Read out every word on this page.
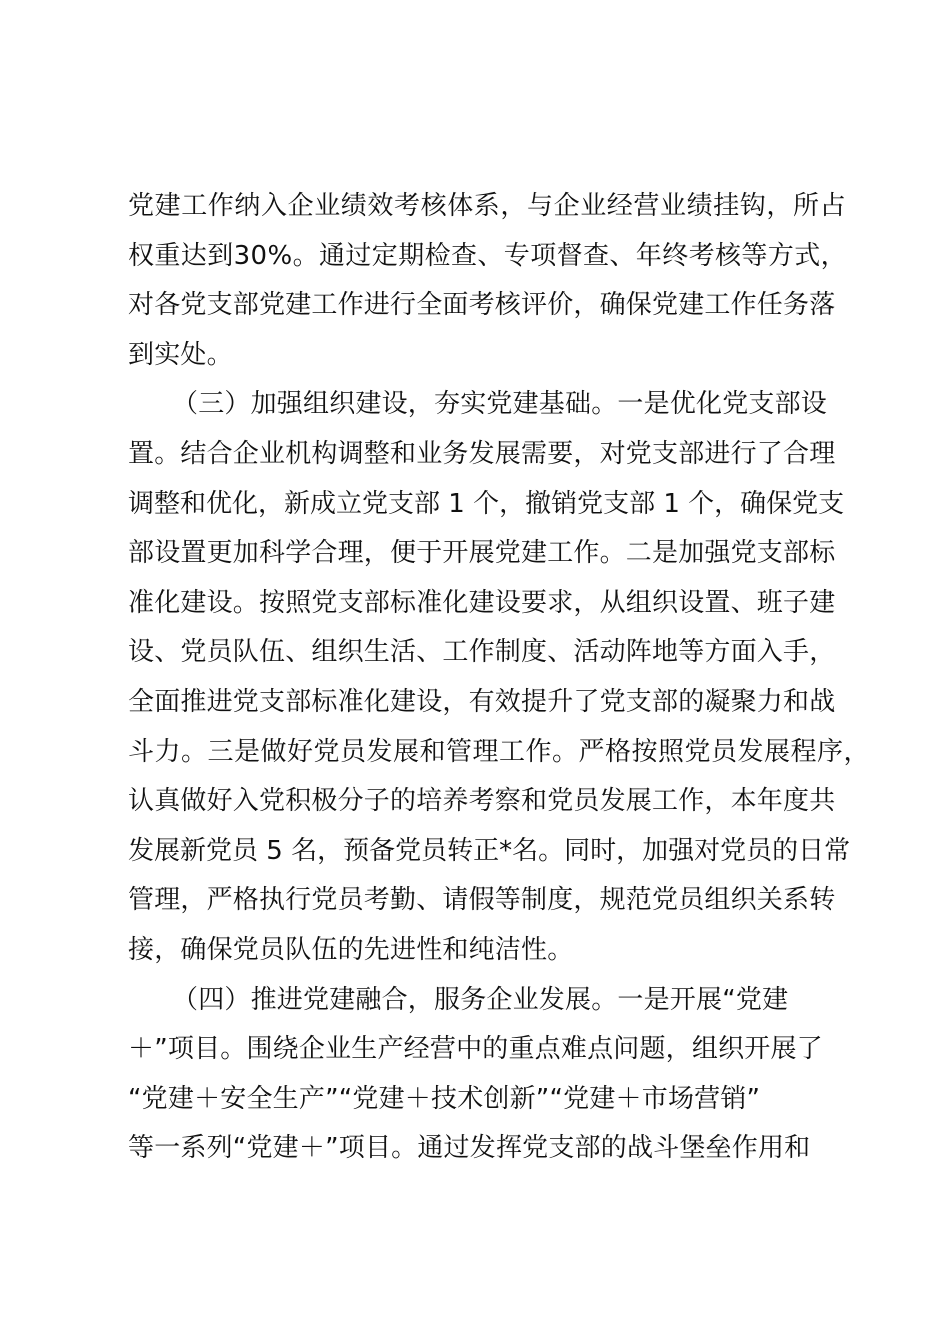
党建工作纳入企业绩效考核体系，与企业经营业绩挂钩，所占
权重达到30%。通过定期检查、专项督查、年终考核等方式，
对各党支部党建工作进行全面考核评价，确保党建工作任务落
到实处。
（三）加强组织建设，夯实党建基础。一是优化党支部设
置。结合企业机构调整和业务发展需要，对党支部进行了合理
调整和优化，新成立党支部 1 个，撤销党支部 1 个，确保党支
部设置更加科学合理，便于开展党建工作。二是加强党支部标
准化建设。按照党支部标准化建设要求，从组织设置、班子建
设、党员队伍、组织生活、工作制度、活动阵地等方面入手，
全面推进党支部标准化建设，有效提升了党支部的凝聚力和战
斗力。三是做好党员发展和管理工作。严格按照党员发展程序，
认真做好入党积极分子的培养考察和党员发展工作，本年度共
发展新党员 5 名，预备党员转正*名。同时，加强对党员的日常
管理，严格执行党员考勤、请假等制度，规范党员组织关系转
接，确保党员队伍的先进性和纯洁性。
（四）推进党建融合，服务企业发展。一是开展“党建
＋”项目。围绕企业生产经营中的重点难点问题，组织开展了
“党建＋安全生产”“党建＋技术创新”“党建＋市场营销”
等一系列“党建＋”项目。通过发挥党支部的战斗堡垒作用和
